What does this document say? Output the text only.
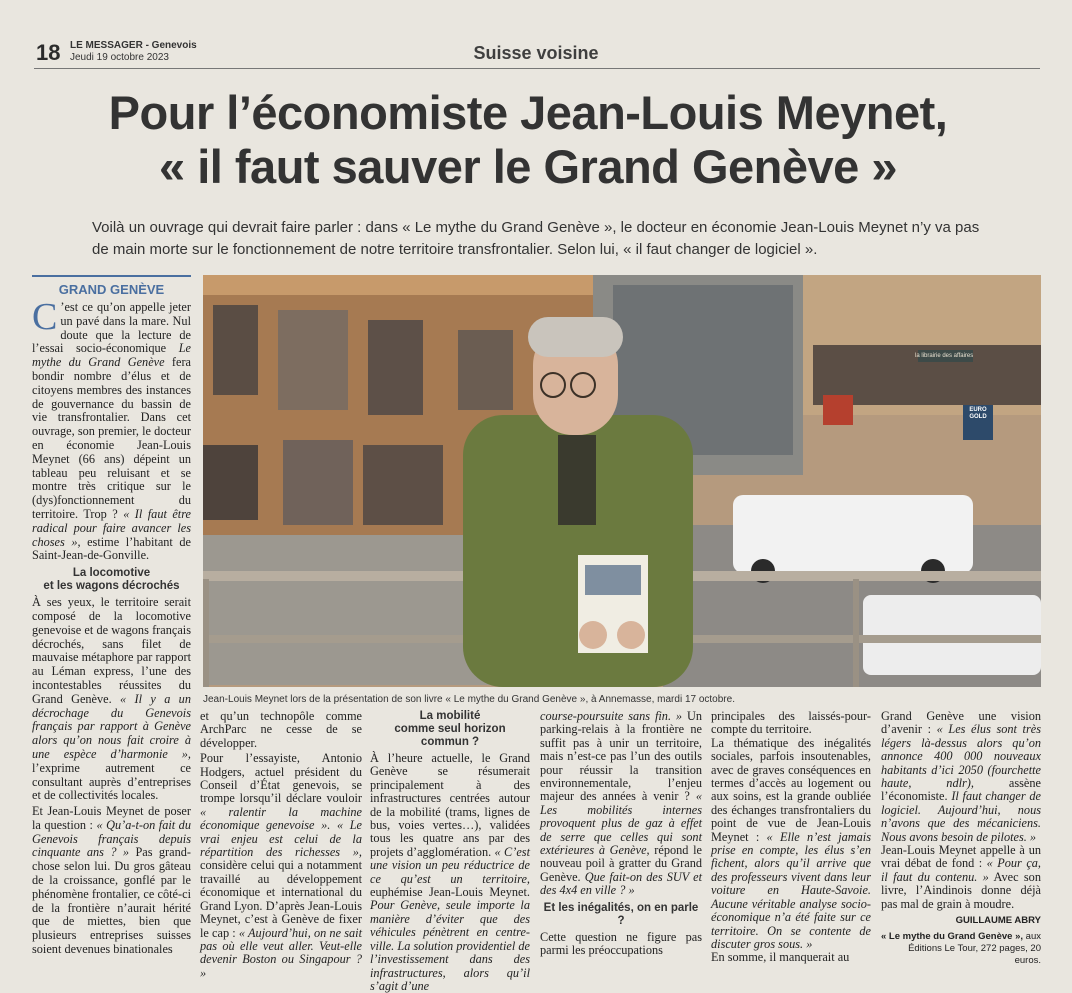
18 LE MESSAGER - Genevois
Jeudi 19 octobre 2023	Suisse voisine
Pour l’économiste Jean-Louis Meynet,
« il faut sauver le Grand Genève »
Voilà un ouvrage qui devrait faire parler : dans « Le mythe du Grand Genève », le docteur en économie Jean-Louis Meynet n’y va pas de main morte sur le fonctionnement de notre territoire transfrontalier. Selon lui, « il faut changer de logiciel ».
GRAND GENÈVE
C ’est ce qu’on appelle jeter un pavé dans la mare. Nul doute que la lecture de l’essai socio-économique Le mythe du Grand Genève fera bondir nombre d’élus et de citoyens membres des instances de gouvernance du bassin de vie transfrontalier. Dans cet ouvrage, son premier, le docteur en économie Jean-Louis Meynet (66 ans) dépeint un tableau peu reluisant et se montre très critique sur le (dys)fonctionnement du territoire. Trop ? « Il faut être radical pour faire avancer les choses », estime l’habitant de Saint-Jean-de-Gonville.
La locomotive
et les wagons décrochés
À ses yeux, le territoire serait composé de la locomotive genevoise et de wagons français décrochés, sans filet de mauvaise métaphore par rapport au Léman express, l’une des incontestables réussites du Grand Genève. « Il y a un décrochage du Genevois français par rapport à Genève alors qu’on nous fait croire à une espèce d’harmonie », l’exprime autrement ce consultant auprès d’entreprises et de collectivités locales.
Et Jean-Louis Meynet de poser la question : « Qu’a-t-on fait du Genevois français depuis cinquante ans ? » Pas grand-chose selon lui. Du gros gâteau de la croissance, gonflé par le phénomène frontalier, ce côté-ci de la frontière n’aurait hérité que de miettes, bien que plusieurs entreprises suisses soient devenues binationales
la librairie des affaires
EURO
GOLD
Jean-Louis Meynet lors de la présentation de son livre « Le mythe du Grand Genève », à Annemasse, mardi 17 octobre.

et qu’un technopôle comme ArchParc ne cesse de se développer.

Pour l’essayiste, Antonio Hodgers, actuel président du Conseil d’État genevois, se trompe lorsqu’il déclare vouloir « ralentir la machine économique genevoise ». « Le vrai enjeu est celui de la répartition des richesses », considère celui qui a notamment travaillé au développement économique et international du Grand Lyon. D’après Jean-Louis Meynet, c’est à Genève de fixer le cap : « Aujourd’hui, on ne sait pas où elle veut aller. Veut-elle devenir Boston ou Singapour ? »

La mobilité
comme seul horizon commun ?

À l’heure actuelle, le Grand Genève se résumerait principalement à des infrastructures centrées autour de la mobilité (trams, lignes de bus, voies vertes…), validées tous les quatre ans par des projets d’agglomération. « C’est une vision un peu réductrice de ce qu’est un territoire, euphémise Jean-Louis Meynet. Pour Genève, seule importe la manière d’éviter que des véhicules pénètrent en centre-ville. La solution providentiel de l’investissement dans des infrastructures, alors qu’il s’agit d’une

course-poursuite sans fin. » Un parking-relais à la frontière ne suffit pas à unir un territoire, mais n’est-ce pas l’un des outils pour réussir la transition environnementale, l’enjeu majeur des années à venir ? « Les mobilités internes provoquent plus de gaz à effet de serre que celles qui sont extérieures à Genève, répond le nouveau poil à gratter du Grand Genève. Que fait-on des SUV et des 4x4 en ville ? »

Et les inégalités, on en parle ?

Cette question ne figure pas parmi les préoccupations

principales des laissés-pour-compte du territoire.

La thématique des inégalités sociales, parfois insoutenables, avec de graves conséquences en termes d’accès au logement ou aux soins, est la grande oubliée des échanges transfrontaliers du point de vue de Jean-Louis Meynet : « Elle n’est jamais prise en compte, les élus s’en fichent, alors qu’il arrive que des professeurs vivent dans leur voiture en Haute-Savoie. Aucune véritable analyse socio-économique n’a été faite sur ce territoire. On se contente de discuter gros sous. »

En somme, il manquerait au

Grand Genève une vision d’avenir : « Les élus sont très légers là-dessus alors qu’on annonce 400 000 nouveaux habitants d’ici 2050 (fourchette haute, ndlr),	assène l’économiste. Il faut changer de logiciel. Aujourd’hui, nous n’avons que des mécaniciens. Nous avons besoin de pilotes. »

Jean-Louis Meynet appelle à un vrai débat de fond : « Pour ça, il faut du contenu. » Avec son livre, l’Aindinois donne déjà pas mal de grain à moudre.

GUILLAUME ABRY
« Le mythe du Grand Genève », aux Éditions Le Tour, 272 pages, 20 euros.
